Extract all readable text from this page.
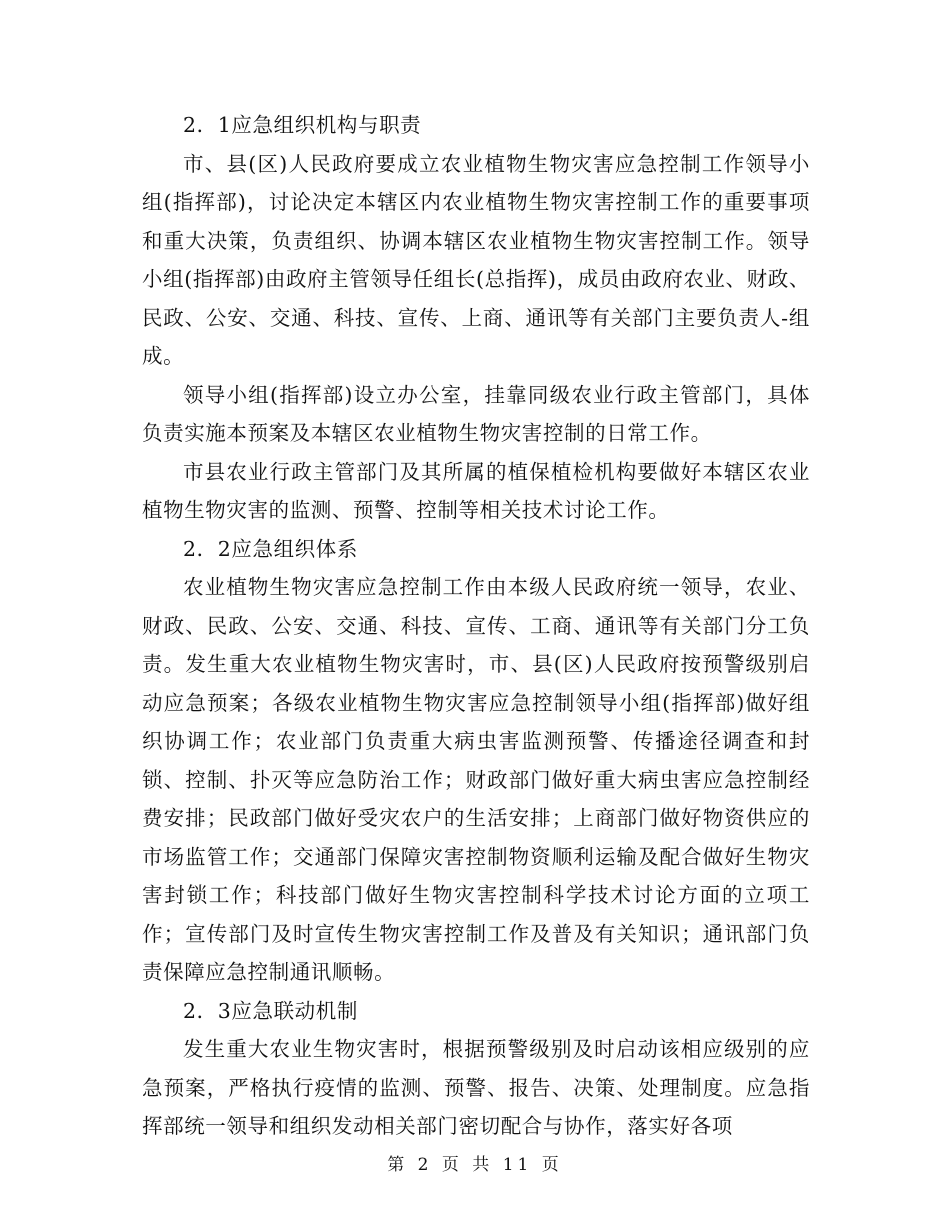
2．1应急组织机构与职责

市、县(区)人民政府要成立农业植物生物灾害应急控制工作领导小组(指挥部)，讨论决定本辖区内农业植物生物灾害控制工作的重要事项和重大决策，负责组织、协调本辖区农业植物生物灾害控制工作。领导小组(指挥部)由政府主管领导任组长(总指挥)，成员由政府农业、财政、民政、公安、交通、科技、宣传、上商、通讯等有关部门主要负责人-组成。

领导小组(指挥部)设立办公室，挂靠同级农业行政主管部门，具体负责实施本预案及本辖区农业植物生物灾害控制的日常工作。

市县农业行政主管部门及其所属的植保植检机构要做好本辖区农业植物生物灾害的监测、预警、控制等相关技术讨论工作。

2．2应急组织体系

农业植物生物灾害应急控制工作由本级人民政府统一领导，农业、财政、民政、公安、交通、科技、宣传、工商、通讯等有关部门分工负责。发生重大农业植物生物灾害时，市、县(区)人民政府按预警级别启动应急预案；各级农业植物生物灾害应急控制领导小组(指挥部)做好组织协调工作；农业部门负责重大病虫害监测预警、传播途径调查和封锁、控制、扑灭等应急防治工作；财政部门做好重大病虫害应急控制经费安排；民政部门做好受灾农户的生活安排；上商部门做好物资供应的市场监管工作；交通部门保障灾害控制物资顺利运输及配合做好生物灾害封锁工作；科技部门做好生物灾害控制科学技术讨论方面的立项工作；宣传部门及时宣传生物灾害控制工作及普及有关知识；通讯部门负责保障应急控制通讯顺畅。

2．3应急联动机制

发生重大农业生物灾害时，根据预警级别及时启动该相应级别的应急预案，严格执行疫情的监测、预警、报告、决策、处理制度。应急指挥部统一领导和组织发动相关部门密切配合与协作，落实好各项

第 2 页 共 11 页
